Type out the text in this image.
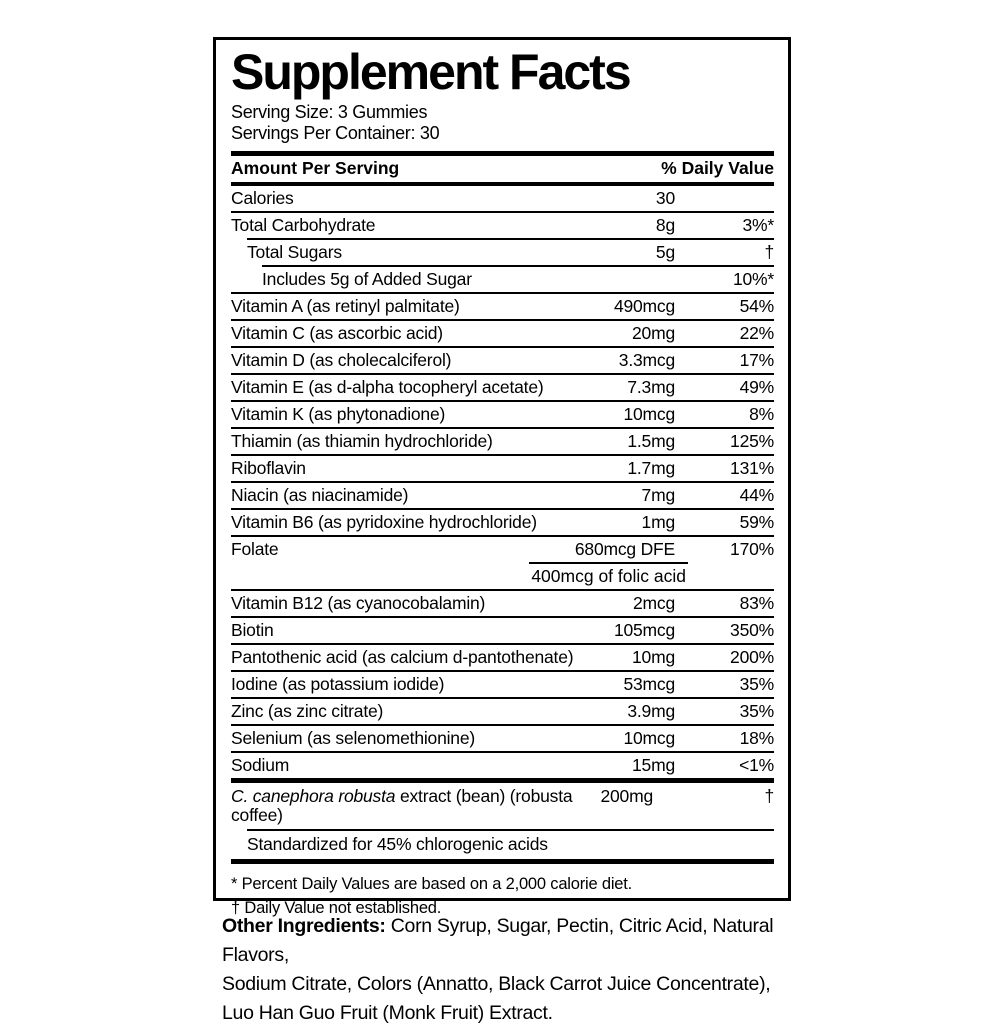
Supplement Facts
Serving Size: 3 Gummies
Servings Per Container: 30
Amount Per Serving	% Daily Value
Calories	30
Total Carbohydrate	8g	3%*
Total Sugars	5g	†
Includes 5g of Added Sugar	10%*
Vitamin A (as retinyl palmitate)	490mcg	54%
Vitamin C (as ascorbic acid)	20mg	22%
Vitamin D (as cholecalciferol)	3.3mcg	17%
Vitamin E (as d-alpha tocopheryl acetate)	7.3mg	49%
Vitamin K (as phytonadione)	10mcg	8%
Thiamin (as thiamin hydrochloride)	1.5mg	125%
Riboflavin	1.7mg	131%
Niacin (as niacinamide)	7mg	44%
Vitamin B6 (as pyridoxine hydrochloride)	1mg	59%
Folate	680mcg DFE	170%
400mcg of folic acid
Vitamin B12 (as cyanocobalamin)	2mcg	83%
Biotin	105mcg	350%
Pantothenic acid (as calcium d-pantothenate)	10mg	200%
Iodine (as potassium iodide)	53mcg	35%
Zinc (as zinc citrate)	3.9mg	35%
Selenium (as selenomethionine)	10mcg	18%
Sodium	15mg	<1%
C. canephora robusta extract (bean) (robusta coffee)
200mg	†
Standardized for 45% chlorogenic acids
* Percent Daily Values are based on a 2,000 calorie diet.
† Daily Value not established.
Other Ingredients: Corn Syrup, Sugar, Pectin, Citric Acid, Natural Flavors,
Sodium Citrate, Colors (Annatto, Black Carrot Juice Concentrate),
Luo Han Guo Fruit (Monk Fruit) Extract.
